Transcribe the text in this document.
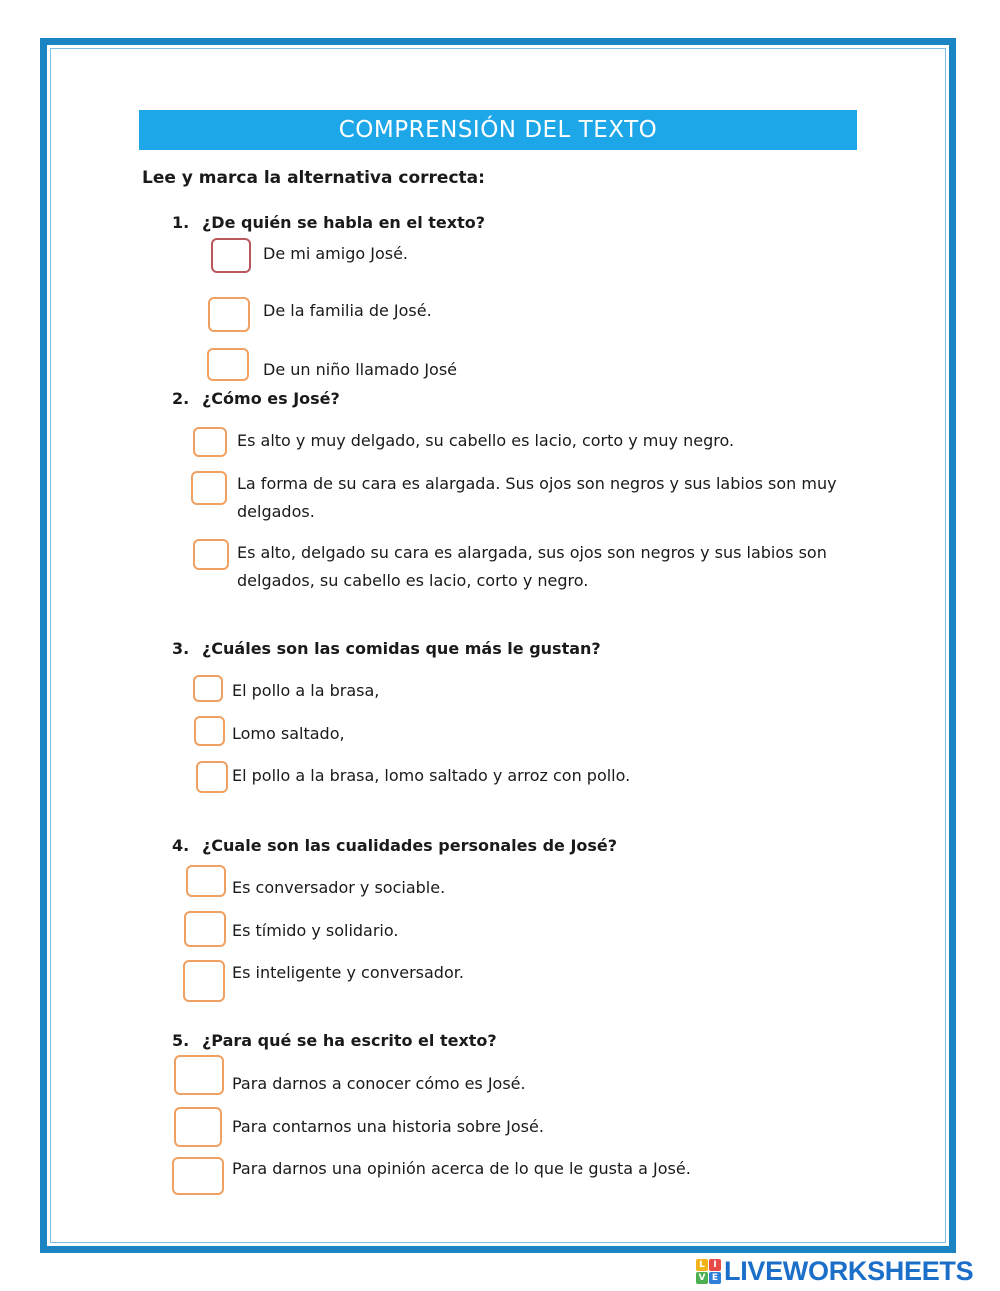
COMPRENSIÓN DEL TEXTO
Lee y marca la alternativa correcta:
1. ¿De quién se habla en el texto?
De mi amigo José.
De la familia de José.
De un niño llamado José
2. ¿Cómo es José?
Es alto y muy delgado, su cabello es lacio, corto y muy negro.
La forma de su cara es alargada. Sus ojos son negros y sus labios son muy delgados.
Es alto, delgado su cara es alargada, sus ojos son negros y sus labios son delgados, su cabello es lacio, corto y negro.
3. ¿Cuáles son las comidas que más le gustan?
El pollo a la brasa,
Lomo saltado,
El pollo a la brasa, lomo saltado y arroz con pollo.
4. ¿Cuale son las cualidades personales de José?
Es conversador y sociable.
Es tímido y solidario.
Es inteligente y conversador.
5. ¿Para qué se ha escrito el texto?
Para darnos a conocer cómo es José.
Para contarnos una historia sobre José.
Para darnos una opinión acerca de lo que le gusta a José.
L I
V E LIVEWORKSHEETS
